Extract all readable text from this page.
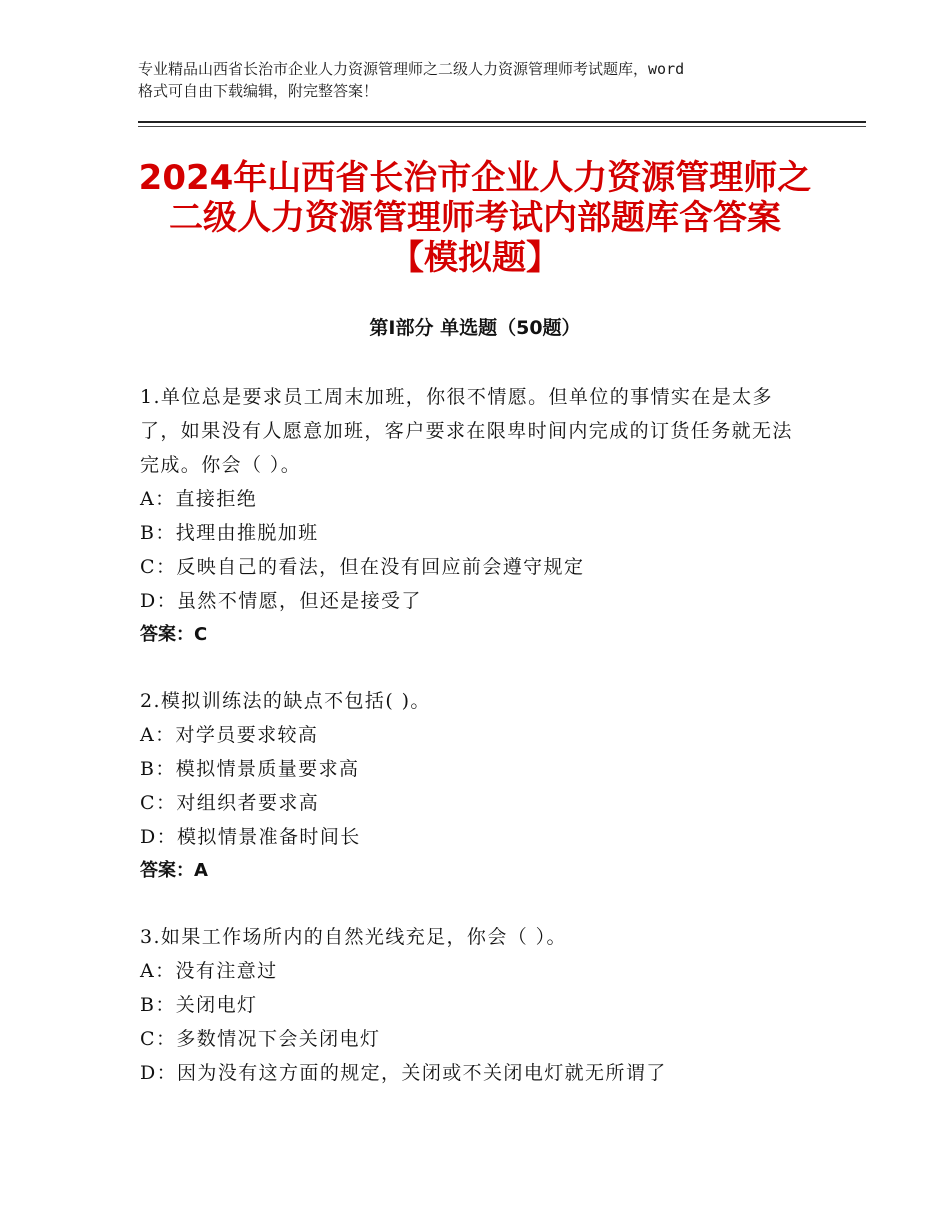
专业精品山西省长治市企业人力资源管理师之二级人力资源管理师考试题库，word
格式可自由下载编辑，附完整答案！
2024年山西省长治市企业人力资源管理师之
二级人力资源管理师考试内部题库含答案
【模拟题】
第Ⅰ部分 单选题（50题）
1.单位总是要求员工周末加班，你很不情愿。但单位的事情实在是太多了，如果没有人愿意加班，客户要求在限卑时间内完成的订货任务就无法完成。你会（ ）。
A：直接拒绝
B：找理由推脱加班
C：反映自己的看法，但在没有回应前会遵守规定
D：虽然不情愿，但还是接受了
答案：C
2.模拟训练法的缺点不包括( )。
A：对学员要求较高
B：模拟情景质量要求高
C：对组织者要求高
D：模拟情景准备时间长
答案：A
3.如果工作场所内的自然光线充足，你会（ ）。
A：没有注意过
B：关闭电灯
C：多数情况下会关闭电灯
D：因为没有这方面的规定，关闭或不关闭电灯就无所谓了
